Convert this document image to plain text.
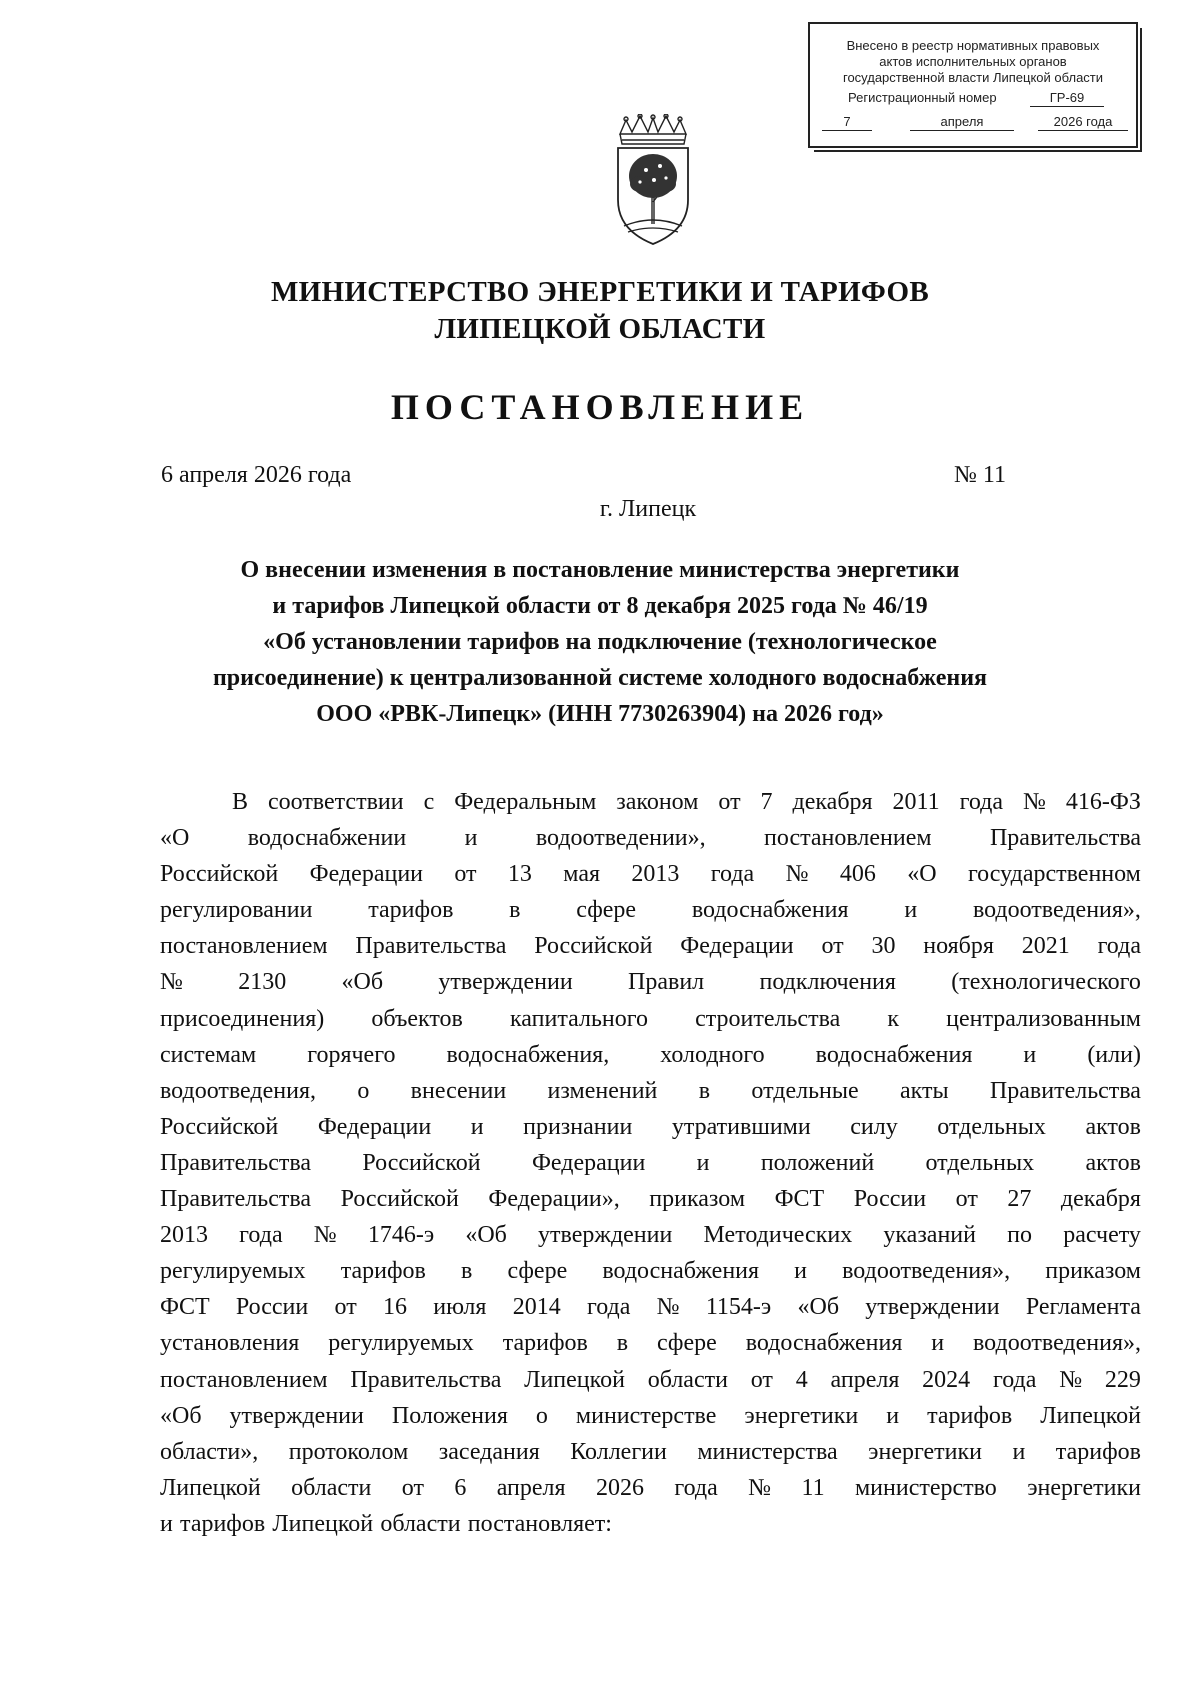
Внесено в реестр нормативных правовых
актов исполнительных органов
государственной власти Липецкой области
Регистрационный номер	ГР-69
7	апреля	2026 года
МИНИСТЕРСТВО ЭНЕРГЕТИКИ И ТАРИФОВ
ЛИПЕЦКОЙ ОБЛАСТИ
ПОСТАНОВЛЕНИЕ
6 апреля 2026 года	№ 11
г. Липецк
О внесении изменения в постановление министерства энергетики
и тарифов Липецкой области от 8 декабря 2025 года № 46/19
«Об установлении тарифов на подключение (технологическое
присоединение) к централизованной системе холодного водоснабжения
ООО «РВК-Липецк» (ИНН 7730263904) на 2026 год»
В соответствии с Федеральным законом от 7 декабря 2011 года № 416-ФЗ
«О водоснабжении и водоотведении», постановлением Правительства
Российской Федерации от 13 мая 2013 года № 406 «О государственном
регулировании тарифов в сфере водоснабжения и водоотведения»,
постановлением Правительства Российской Федерации от 30 ноября 2021 года
№ 2130 «Об утверждении Правил подключения (технологического
присоединения) объектов капитального строительства к централизованным
системам горячего водоснабжения, холодного водоснабжения и (или)
водоотведения, о внесении изменений в отдельные акты Правительства
Российской Федерации и признании утратившими силу отдельных актов
Правительства Российской Федерации и положений отдельных актов
Правительства Российской Федерации», приказом ФСТ России от 27 декабря
2013 года № 1746-э «Об утверждении Методических указаний по расчету
регулируемых тарифов в сфере водоснабжения и водоотведения», приказом
ФСТ России от 16 июля 2014 года № 1154-э «Об утверждении Регламента
установления регулируемых тарифов в сфере водоснабжения и водоотведения»,
постановлением Правительства Липецкой области от 4 апреля 2024 года № 229
«Об утверждении Положения о министерстве энергетики и тарифов Липецкой
области», протоколом заседания Коллегии министерства энергетики и тарифов
Липецкой области от 6 апреля 2026 года № 11 министерство энергетики
и тарифов Липецкой области постановляет:
